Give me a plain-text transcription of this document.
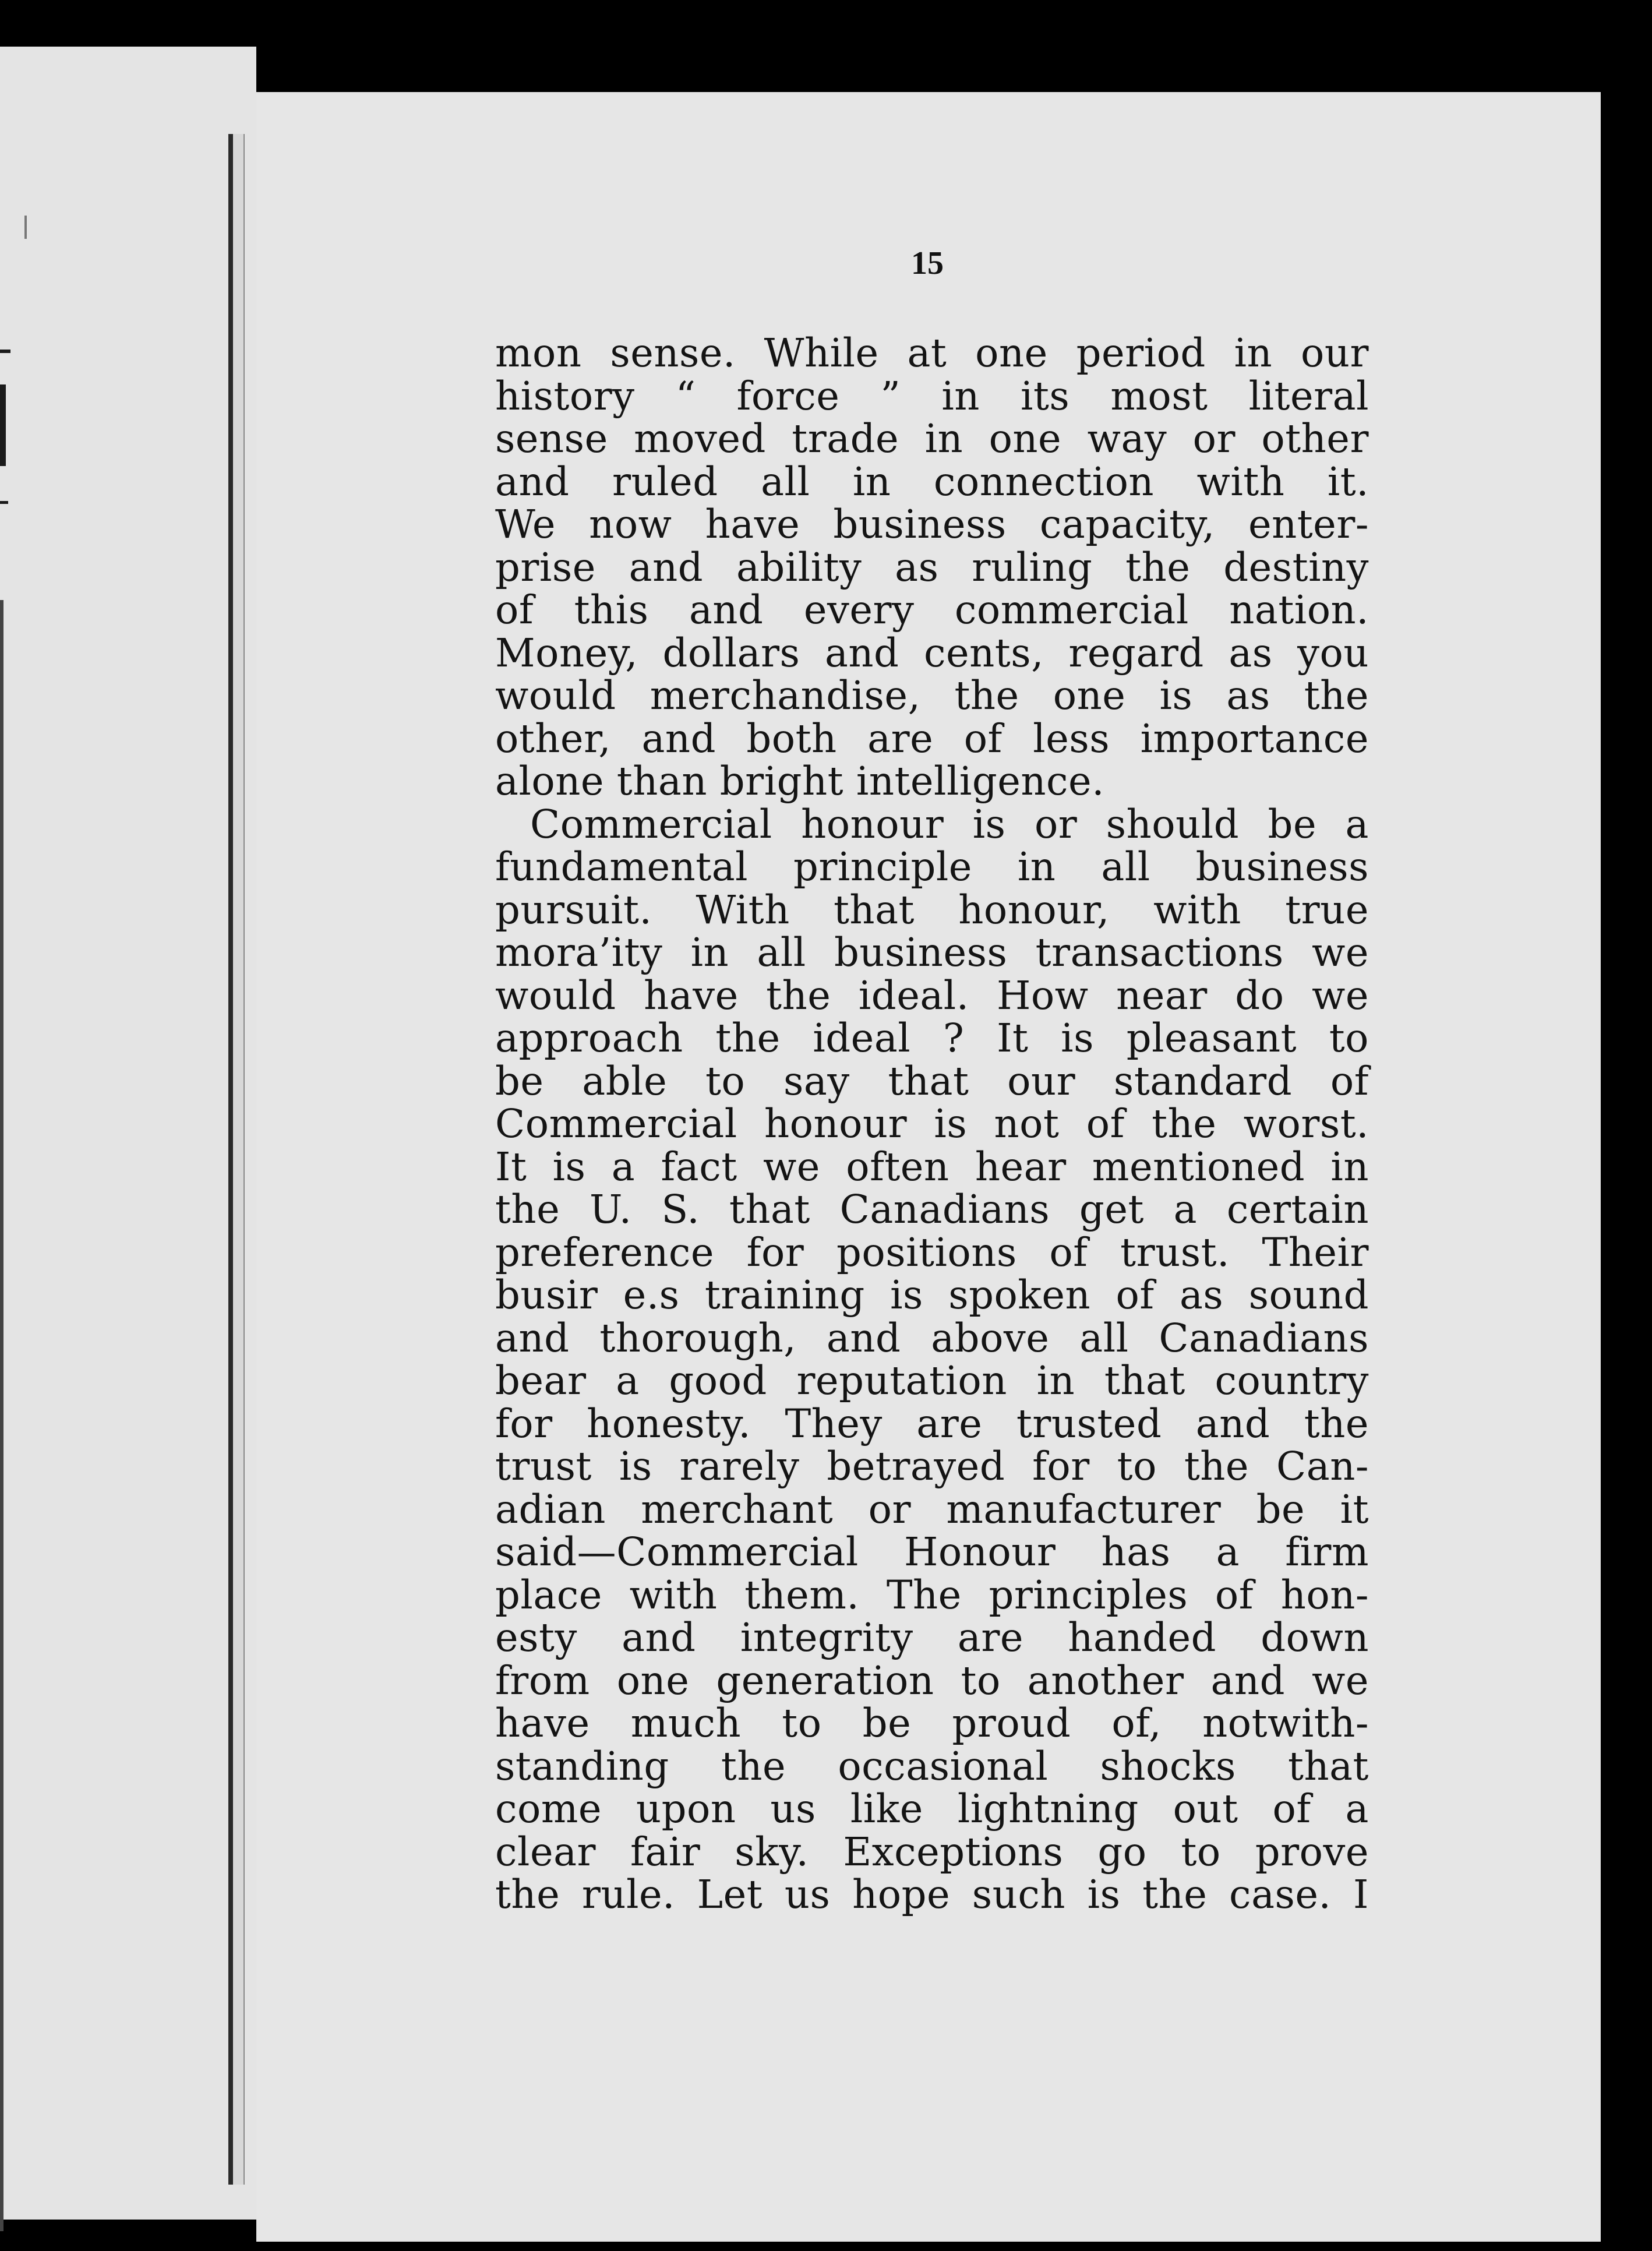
15
mon sense. While at one period in our
history “ force ” in its most literal
sense moved trade in one way or other
and ruled all in connection with it.
We now have business capacity, enter-
prise and ability as ruling the destiny
of this and every commercial nation.
Money, dollars and cents, regard as you
would merchandise, the one is as the
other, and both are of less importance
alone than bright intelligence.
Commercial honour is or should be a
fundamental principle in all business
pursuit. With that honour, with true
mora’ity in all business transactions we
would have the ideal. How near do we
approach the ideal ? It is pleasant to
be able to say that our standard of
Commercial honour is not of the worst.
It is a fact we often hear mentioned in
the U. S. that Canadians get a certain
preference for positions of trust. Their
busir e.s training is spoken of as sound
and thorough, and above all Canadians
bear a good reputation in that country
for honesty. They are trusted and the
trust is rarely betrayed for to the Can-
adian merchant or manufacturer be it
said—Commercial Honour has a firm
place with them. The principles of hon-
esty and integrity are handed down
from one generation to another and we
have much to be proud of, notwith-
standing the occasional shocks that
come upon us like lightning out of a
clear fair sky. Exceptions go to prove
the rule. Let us hope such is the case. I
